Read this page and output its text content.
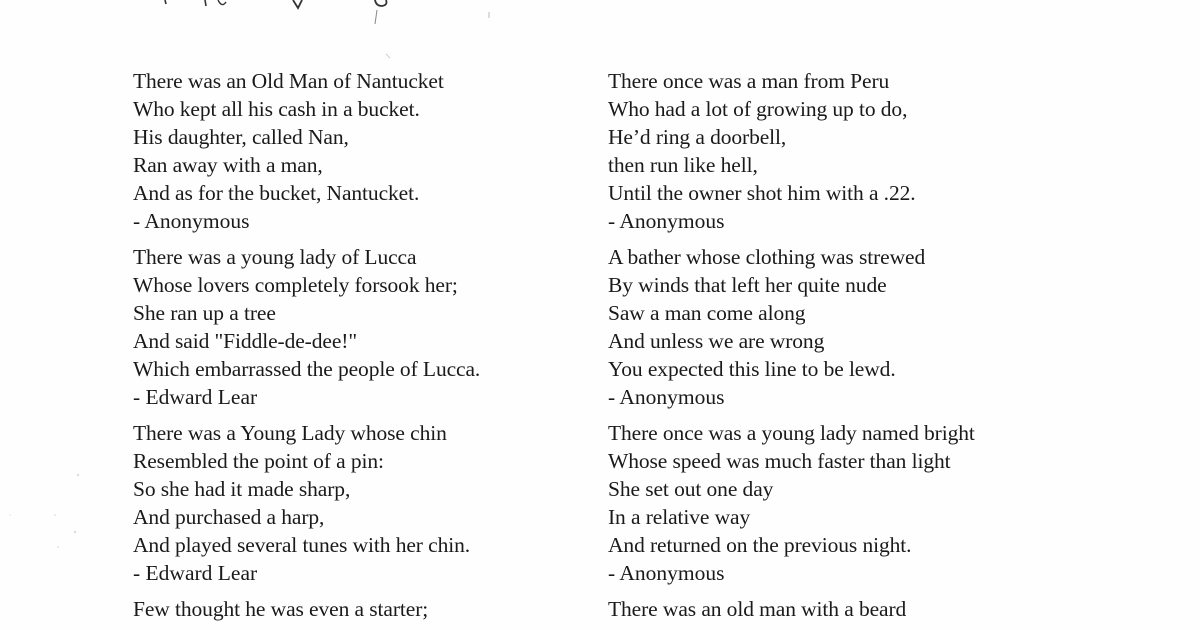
There was an Old Man of Nantucket
Who kept all his cash in a bucket.
His daughter, called Nan,
Ran away with a man,
And as for the bucket, Nantucket.
- Anonymous
There was a young lady of Lucca
Whose lovers completely forsook her;
She ran up a tree
And said "Fiddle-de-dee!"
Which embarrassed the people of Lucca.
- Edward Lear
There was a Young Lady whose chin
Resembled the point of a pin:
So she had it made sharp,
And purchased a harp,
And played several tunes with her chin.
- Edward Lear
Few thought he was even a starter;
There once was a man from Peru
Who had a lot of growing up to do,
He’d ring a doorbell,
then run like hell,
Until the owner shot him with a .22.
- Anonymous
A bather whose clothing was strewed
By winds that left her quite nude
Saw a man come along
And unless we are wrong
You expected this line to be lewd.
- Anonymous
There once was a young lady named bright
Whose speed was much faster than light
She set out one day
In a relative way
And returned on the previous night.
- Anonymous
There was an old man with a beard
